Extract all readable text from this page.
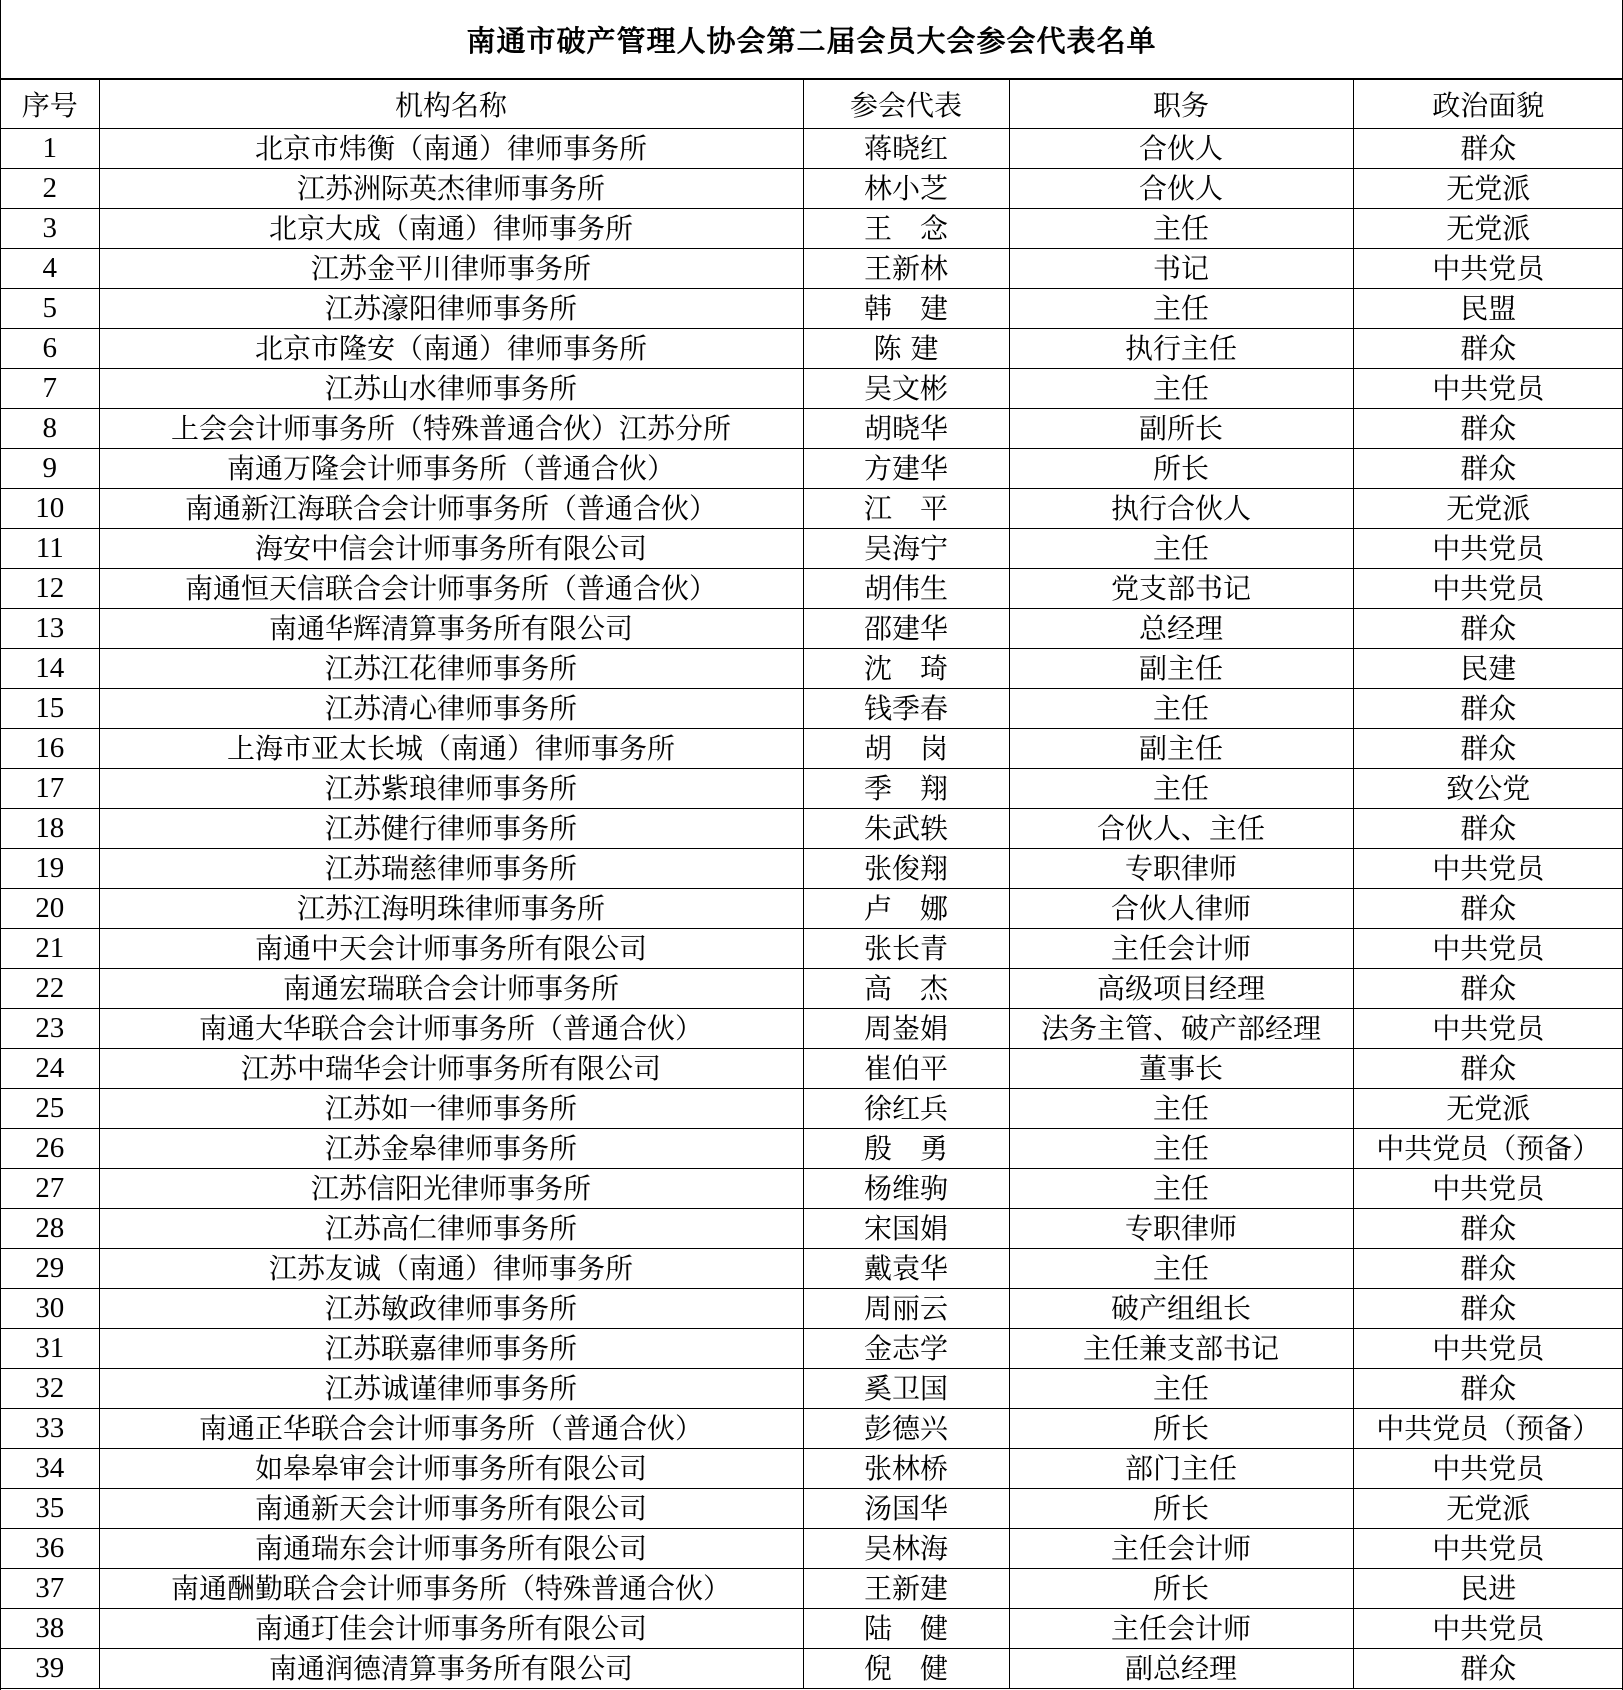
南通市破产管理人协会第二届会员大会参会代表名单
序号	机构名称	参会代表	职务	政治面貌
1	北京市炜衡（南通）律师事务所	蒋晓红	合伙人	群众
2	江苏洲际英杰律师事务所	林小芝	合伙人	无党派
3	北京大成（南通）律师事务所	王　念	主任	无党派
4	江苏金平川律师事务所	王新林	书记	中共党员
5	江苏濠阳律师事务所	韩　建	主任	民盟
6	北京市隆安（南通）律师事务所	陈 建	执行主任	群众
7	江苏山水律师事务所	吴文彬	主任	中共党员
8	上会会计师事务所（特殊普通合伙）江苏分所	胡晓华	副所长	群众
9	南通万隆会计师事务所（普通合伙）	方建华	所长	群众
10	南通新江海联合会计师事务所（普通合伙）	江　平	执行合伙人	无党派
11	海安中信会计师事务所有限公司	吴海宁	主任	中共党员
12	南通恒天信联合会计师事务所（普通合伙）	胡伟生	党支部书记	中共党员
13	南通华辉清算事务所有限公司	邵建华	总经理	群众
14	江苏江花律师事务所	沈　琦	副主任	民建
15	江苏清心律师事务所	钱季春	主任	群众
16	上海市亚太长城（南通）律师事务所	胡　岗	副主任	群众
17	江苏紫琅律师事务所	季　翔	主任	致公党
18	江苏健行律师事务所	朱武轶	合伙人、主任	群众
19	江苏瑞慈律师事务所	张俊翔	专职律师	中共党员
20	江苏江海明珠律师事务所	卢　娜	合伙人律师	群众
21	南通中天会计师事务所有限公司	张长青	主任会计师	中共党员
22	南通宏瑞联合会计师事务所	高　杰	高级项目经理	群众
23	南通大华联合会计师事务所（普通合伙）	周崟娟	法务主管、破产部经理	中共党员
24	江苏中瑞华会计师事务所有限公司	崔伯平	董事长	群众
25	江苏如一律师事务所	徐红兵	主任	无党派
26	江苏金皋律师事务所	殷　勇	主任	中共党员（预备）
27	江苏信阳光律师事务所	杨维驹	主任	中共党员
28	江苏高仁律师事务所	宋国娟	专职律师	群众
29	江苏友诚（南通）律师事务所	戴袁华	主任	群众
30	江苏敏政律师事务所	周丽云	破产组组长	群众
31	江苏联嘉律师事务所	金志学	主任兼支部书记	中共党员
32	江苏诚谨律师事务所	奚卫国	主任	群众
33	南通正华联合会计师事务所（普通合伙）	彭德兴	所长	中共党员（预备）
34	如皋皋审会计师事务所有限公司	张林桥	部门主任	中共党员
35	南通新天会计师事务所有限公司	汤国华	所长	无党派
36	南通瑞东会计师事务所有限公司	吴林海	主任会计师	中共党员
37	南通酬勤联合会计师事务所（特殊普通合伙）	王新建	所长	民进
38	南通玎佳会计师事务所有限公司	陆　健	主任会计师	中共党员
39	南通润德清算事务所有限公司	倪　健	副总经理	群众
